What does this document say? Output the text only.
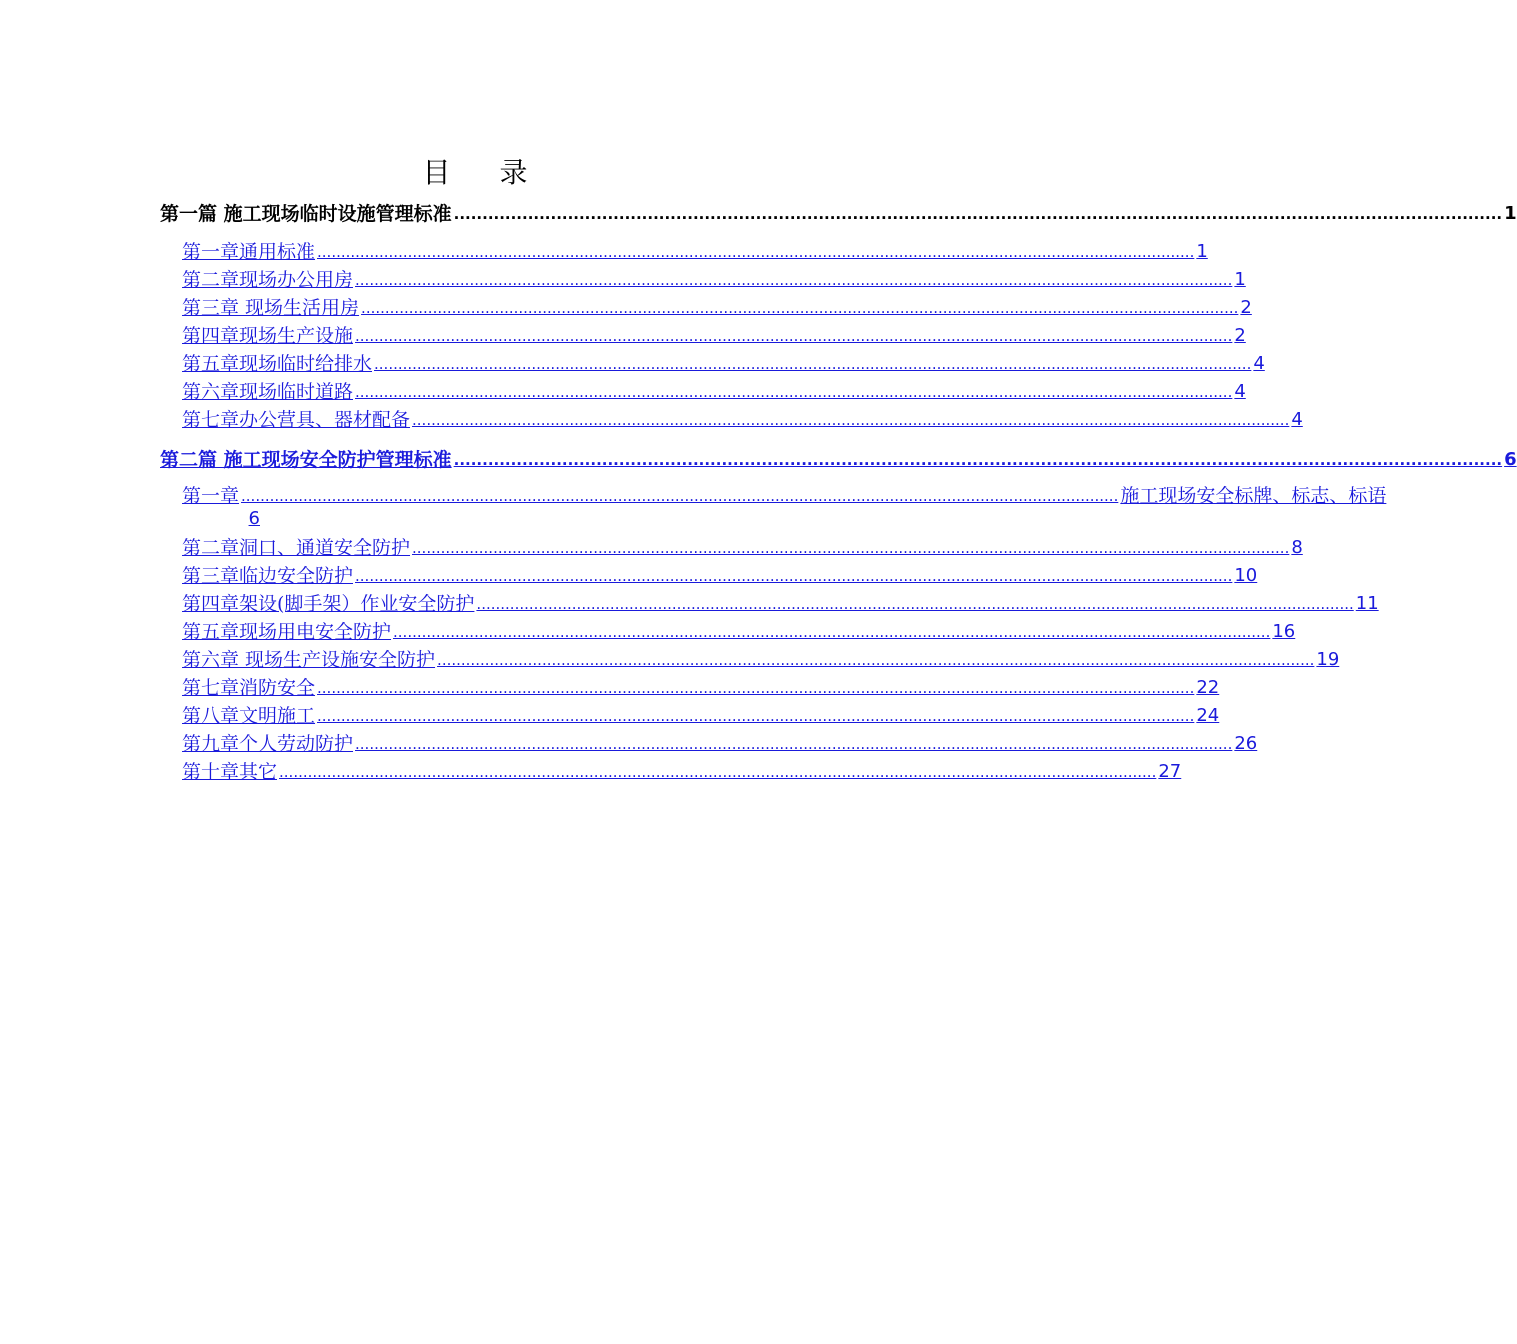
目 录
第一篇 施工现场临时设施管理标准 ........................................................................................................................................................................................ 1
第一章通用标准 ........................................................................................................................................................................................ 1
第二章现场办公用房 ........................................................................................................................................................................................ 1
第三章 现场生活用房 ........................................................................................................................................................................................ 2
第四章现场生产设施 ........................................................................................................................................................................................ 2
第五章现场临时给排水 ........................................................................................................................................................................................ 4
第六章现场临时道路 ........................................................................................................................................................................................ 4
第七章办公营具、器材配备 ........................................................................................................................................................................................ 4
第二篇 施工现场安全防护管理标准 ........................................................................................................................................................................................ 6
第一章 ........................................................................................................................................................................................ 施工现场安全标牌、标志、标语
6
第二章洞口、通道安全防护 ........................................................................................................................................................................................ 8
第三章临边安全防护 ........................................................................................................................................................................................ 10
第四章架设(脚手架）作业安全防护 ........................................................................................................................................................................................ 11
第五章现场用电安全防护 ........................................................................................................................................................................................ 16
第六章 现场生产设施安全防护 ........................................................................................................................................................................................ 19
第七章消防安全 ........................................................................................................................................................................................ 22
第八章文明施工 ........................................................................................................................................................................................ 24
第九章个人劳动防护 ........................................................................................................................................................................................ 26
第十章其它 ........................................................................................................................................................................................ 27
